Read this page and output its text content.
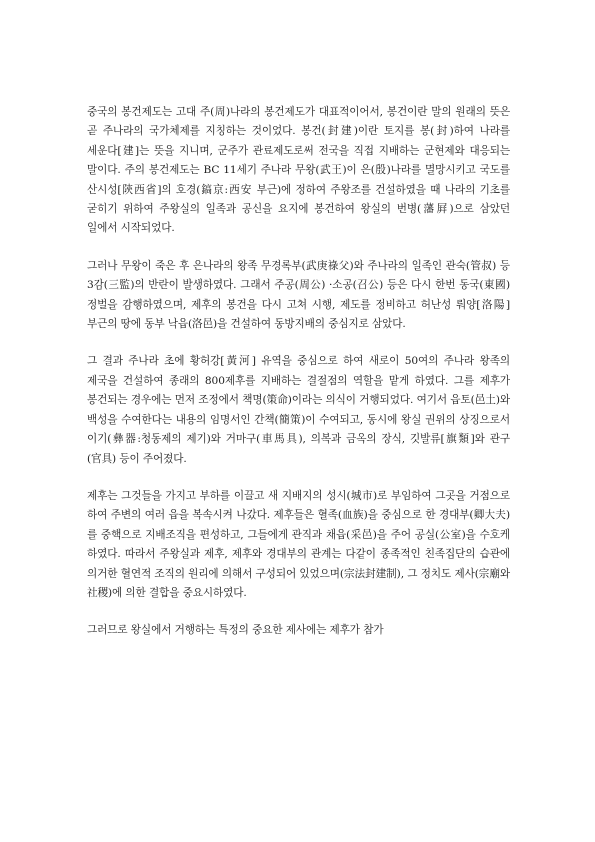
중국의 봉건제도는 고대 주(周)나라의 봉건제도가 대표적이어서, 봉건이란 말의 원래의 뜻은 곧 주나라의 국가체제를 지칭하는 것이었다. 봉건(封建)이란 토지를 봉(封)하여 나라를 세운다[建]는 뜻을 지니며, 군주가 관료제도로써 전국을 직접 지배하는 군현제와 대응되는 말이다. 주의 봉건제도는 BC 11세기 주나라 무왕(武王)이 은(殷)나라를 멸망시키고 국도를 산시성[陝西省]의 호경(鎬京:西安 부근)에 정하여 주왕조를 건설하였을 때 나라의 기초를 굳히기 위하여 주왕실의 일족과 공신을 요지에 봉건하여 왕실의 번병(藩屛)으로 삼았던 일에서 시작되었다.

그러나 무왕이 죽은 후 은나라의 왕족 무경록부(武庚祿父)와 주나라의 일족인 관숙(管叔) 등 3감(三監)의 반란이 발생하였다. 그래서 주공(周公) ·소공(召公) 등은 다시 한번 동국(東國)정벌을 감행하였으며, 제후의 봉건을 다시 고쳐 시행, 제도를 정비하고 허난성 뤄양[洛陽] 부근의 땅에 동부 낙읍(洛邑)을 건설하여 동방지배의 중심지로 삼았다.

그 결과 주나라 초에 황허강[黃河] 유역을 중심으로 하여 새로이 50여의 주나라 왕족의 제국을 건설하여 종래의 800제후를 지배하는 결절점의 역할을 맡게 하였다. 그를 제후가 봉건되는 경우에는 먼저 조정에서 책명(策命)이라는 의식이 거행되었다. 여기서 읍토(邑土)와 백성을 수여한다는 내용의 임명서인 간책(簡策)이 수여되고, 동시에 왕실 권위의 상징으로서 이기(彝器:청동제의 제기)와 거마구(車馬具), 의복과 금옥의 장식, 깃발류[旗類]와 관구(官具) 등이 주어졌다.

제후는 그것들을 가지고 부하를 이끌고 새 지배지의 성시(城市)로 부임하여 그곳을 거점으로 하여 주변의 여러 읍을 복속시켜 나갔다. 제후들은 혈족(血族)을 중심으로 한 경대부(卿大夫)를 중핵으로 지배조직을 편성하고, 그들에게 관직과 채읍(采邑)을 주어 공실(公室)을 수호케 하였다. 따라서 주왕실과 제후, 제후와 경대부의 관계는 다같이 종족적인 친족집단의 습관에 의거한 혈연적 조직의 원리에 의해서 구성되어 있었으며(宗法封建制), 그 정치도 제사(宗廟와 社稷)에 의한 결합을 중요시하였다.

그러므로 왕실에서 거행하는 특정의 중요한 제사에는 제후가 참가
